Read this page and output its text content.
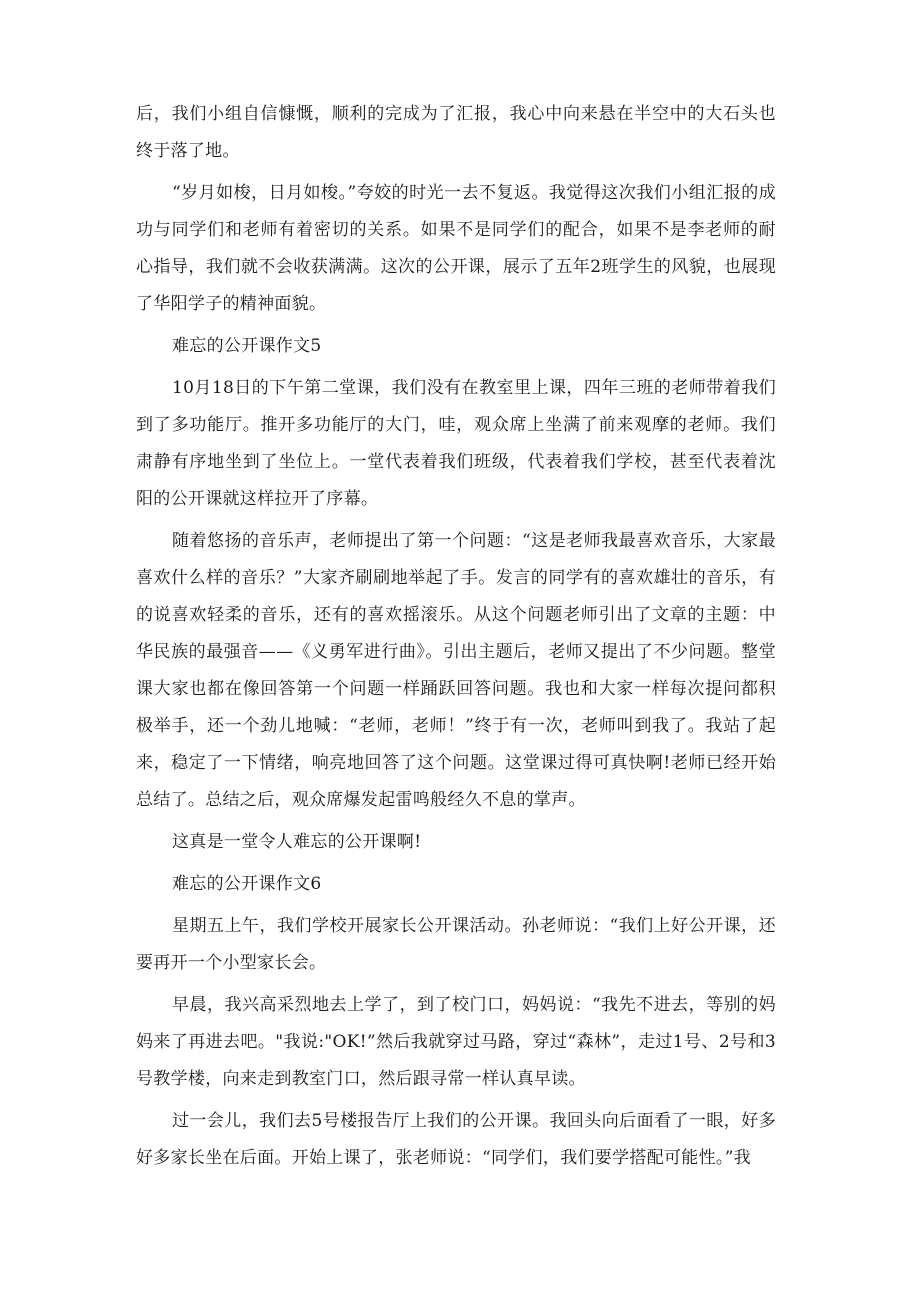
后，我们小组自信慷慨，顺利的完成为了汇报，我心中向来悬在半空中的大石头也终于落了地。

“岁月如梭，日月如梭。”夸姣的时光一去不复返。我觉得这次我们小组汇报的成功与同学们和老师有着密切的关系。如果不是同学们的配合，如果不是李老师的耐心指导，我们就不会收获满满。这次的公开课，展示了五年2班学生的风貌，也展现了华阳学子的精神面貌。

难忘的公开课作文5

10月18日的下午第二堂课，我们没有在教室里上课，四年三班的老师带着我们到了多功能厅。推开多功能厅的大门，哇，观众席上坐满了前来观摩的老师。我们肃静有序地坐到了坐位上。一堂代表着我们班级，代表着我们学校，甚至代表着沈阳的公开课就这样拉开了序幕。

随着悠扬的音乐声，老师提出了第一个问题：“这是老师我最喜欢音乐，大家最喜欢什么样的音乐？”大家齐刷刷地举起了手。发言的同学有的喜欢雄壮的音乐，有的说喜欢轻柔的音乐，还有的喜欢摇滚乐。从这个问题老师引出了文章的主题：中华民族的最强音——《义勇军进行曲》。引出主题后，老师又提出了不少问题。整堂课大家也都在像回答第一个问题一样踊跃回答问题。我也和大家一样每次提问都积极举手，还一个劲儿地喊：“老师，老师！”终于有一次，老师叫到我了。我站了起来，稳定了一下情绪，响亮地回答了这个问题。这堂课过得可真快啊!老师已经开始总结了。总结之后，观众席爆发起雷鸣般经久不息的掌声。

这真是一堂令人难忘的公开课啊!

难忘的公开课作文6

星期五上午，我们学校开展家长公开课活动。孙老师说：“我们上好公开课，还要再开一个小型家长会。

早晨，我兴高采烈地去上学了，到了校门口，妈妈说：“我先不进去，等别的妈妈来了再进去吧。"我说:"OK!”然后我就穿过马路，穿过“森林”，走过1号、2号和3号教学楼，向来走到教室门口，然后跟寻常一样认真早读。

过一会儿，我们去5号楼报告厅上我们的公开课。我回头向后面看了一眼，好多好多家长坐在后面。开始上课了，张老师说：“同学们，我们要学搭配可能性。”我
